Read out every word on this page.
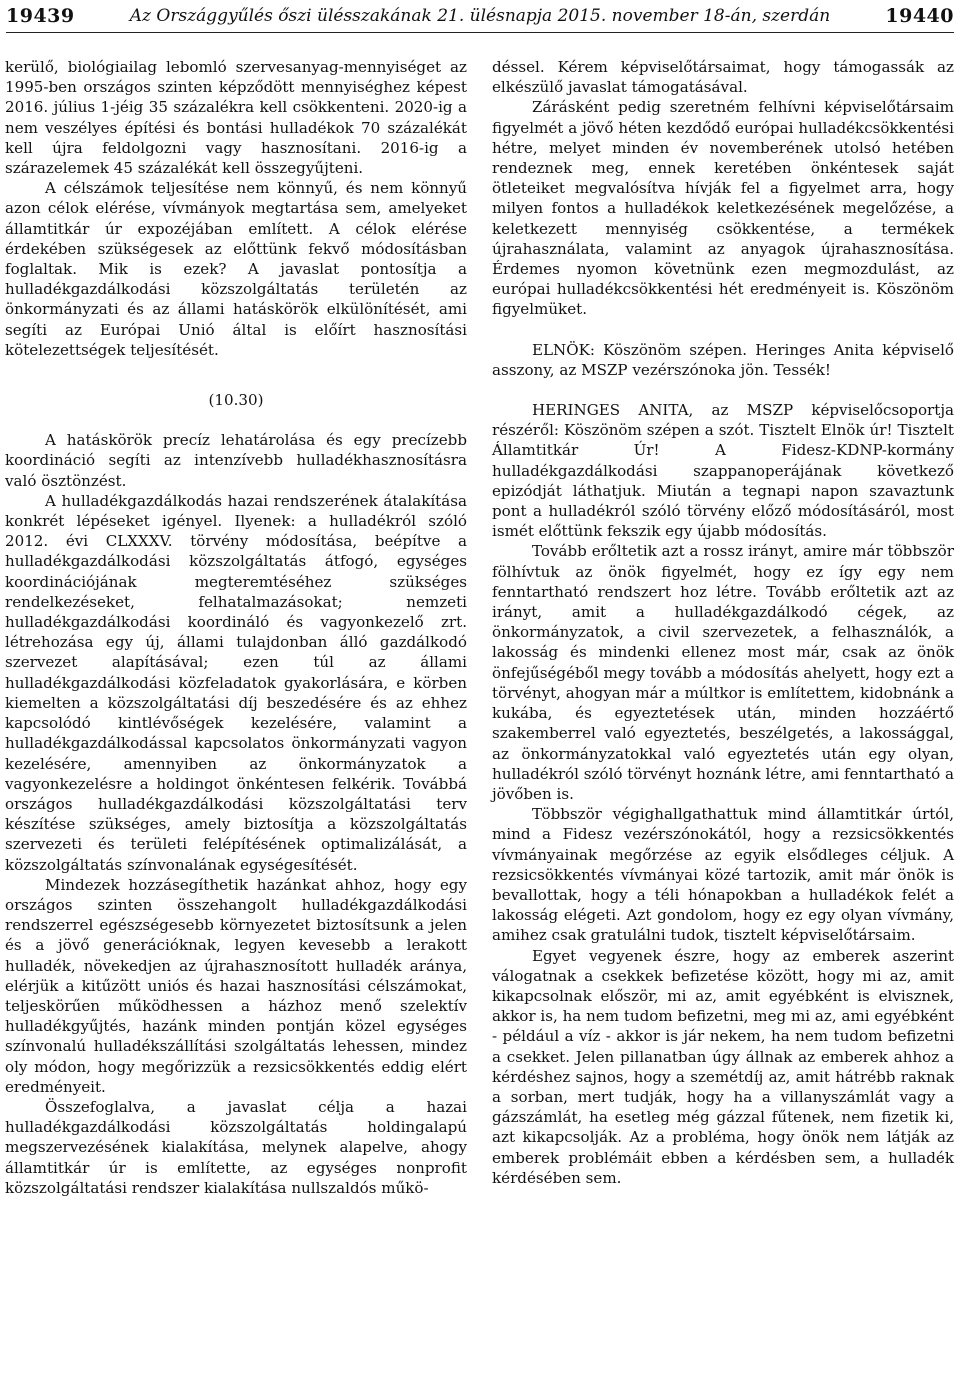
19439	Az Országgyűlés őszi ülésszakának 21. ülésnapja 2015. november 18-án, szerdán	19440

kerülő, biológiailag lebomló szervesanyag-mennyiséget az 1995-ben országos szinten képződött mennyiséghez képest 2016. július 1-jéig 35 százalékra kell csökkenteni. 2020-ig a nem veszélyes építési és bontási hulladékok 70 százalékát kell újra feldolgozni vagy hasznosítani. 2016-ig a szárazelemek 45 százalékát kell összegyűjteni.

A célszámok teljesítése nem könnyű, és nem könnyű azon célok elérése, vívmányok megtartása sem, amelyeket államtitkár úr expozéjában említett. A célok elérése érdekében szükségesek az előttünk fekvő módosításban foglaltak. Mik is ezek? A javaslat pontosítja a hulladékgazdálkodási közszolgáltatás területén az önkormányzati és az állami hatáskörök elkülönítését, ami segíti az Európai Unió által is előírt hasznosítási kötelezettségek teljesítését.

(10.30)

A hatáskörök precíz lehatárolása és egy precízebb koordináció segíti az intenzívebb hulladékhasznosításra való ösztönzést.

A hulladékgazdálkodás hazai rendszerének átalakítása konkrét lépéseket igényel. Ilyenek: a hulladékról szóló 2012. évi CLXXXV. törvény módosítása, beépítve a hulladékgazdálkodási közszolgáltatás átfogó, egységes koordinációjának megteremtéséhez szükséges rendelkezéseket, felhatalmazásokat; nemzeti hulladékgazdálkodási koordináló és vagyonkezelő zrt. létrehozása egy új, állami tulajdonban álló gazdálkodó szervezet alapításával; ezen túl az állami hulladékgazdálkodási közfeladatok gyakorlására, e körben kiemelten a közszolgáltatási díj beszedésére és az ehhez kapcsolódó kintlévőségek kezelésére, valamint a hulladékgazdálkodással kapcsolatos önkormányzati vagyon kezelésére, amennyiben az önkormányzatok a vagyonkezelésre a holdingot önkéntesen felkérik. Továbbá országos hulladékgazdálkodási közszolgáltatási terv készítése szükséges, amely biztosítja a közszolgáltatás szervezeti és területi felépítésének optimalizálását, a közszolgáltatás színvonalának egységesítését.

Mindezek hozzásegíthetik hazánkat ahhoz, hogy egy országos szinten összehangolt hulladékgazdálkodási rendszerrel egészségesebb környezetet biztosítsunk a jelen és a jövő generációknak, legyen kevesebb a lerakott hulladék, növekedjen az újrahasznosított hulladék aránya, elérjük a kitűzött uniós és hazai hasznosítási célszámokat, teljeskörűen működhessen a házhoz menő szelektív hulladékgyűjtés, hazánk minden pontján közel egységes színvonalú hulladékszállítási szolgáltatás lehessen, mindez oly módon, hogy megőrizzük a rezsicsökkentés eddig elért eredményeit.

Összefoglalva, a javaslat célja a hazai hulladékgazdálkodási közszolgáltatás holdingalapú megszervezésének kialakítása, melynek alapelve, ahogy államtitkár úr is említette, az egységes nonprofit közszolgáltatási rendszer kialakítása nullszaldós műkö-

déssel. Kérem képviselőtársaimat, hogy támogassák az elkészülő javaslat támogatásával.

Zárásként pedig szeretném felhívni képviselőtársaim figyelmét a jövő héten kezdődő európai hulladékcsökkentési hétre, melyet minden év novemberének utolsó hetében rendeznek meg, ennek keretében önkéntesek saját ötleteiket megvalósítva hívják fel a figyelmet arra, hogy milyen fontos a hulladékok keletkezésének megelőzése, a keletkezett mennyiség csökkentése, a termékek újrahasználata, valamint az anyagok újrahasznosítása. Érdemes nyomon követnünk ezen megmozdulást, az európai hulladékcsökkentési hét eredményeit is. Köszönöm figyelmüket.

ELNÖK: Köszönöm szépen. Heringes Anita képviselő asszony, az MSZP vezérszónoka jön. Tessék!

HERINGES ANITA, az MSZP képviselőcsoportja részéről: Köszönöm szépen a szót. Tisztelt Elnök úr! Tisztelt Államtitkár Úr! A Fidesz-KDNP-kormány hulladékgazdálkodási szappanoperájának következő epizódját láthatjuk. Miután a tegnapi napon szavaztunk pont a hulladékról szóló törvény előző módosításáról, most ismét előttünk fekszik egy újabb módosítás.

Tovább erőltetik azt a rossz irányt, amire már többször fölhívtuk az önök figyelmét, hogy ez így egy nem fenntartható rendszert hoz létre. Tovább erőltetik azt az irányt, amit a hulladékgazdálkodó cégek, az önkormányzatok, a civil szervezetek, a felhasználók, a lakosság és mindenki ellenez most már, csak az önök önfejűségéből megy tovább a módosítás ahelyett, hogy ezt a törvényt, ahogyan már a múltkor is említettem, kidobnánk a kukába, és egyeztetések után, minden hozzáértő szakemberrel való egyeztetés, beszélgetés, a lakossággal, az önkormányzatokkal való egyeztetés után egy olyan, hulladékról szóló törvényt hoznánk létre, ami fenntartható a jövőben is.

Többször végighallgathattuk mind államtitkár úrtól, mind a Fidesz vezérszónokától, hogy a rezsicsökkentés vívmányainak megőrzése az egyik elsődleges céljuk. A rezsicsökkentés vívmányai közé tartozik, amit már önök is bevallottak, hogy a téli hónapokban a hulladékok felét a lakosság elégeti. Azt gondolom, hogy ez egy olyan vívmány, amihez csak gratulálni tudok, tisztelt képviselőtársaim.

Egyet vegyenek észre, hogy az emberek aszerint válogatnak a csekkek befizetése között, hogy mi az, amit kikapcsolnak először, mi az, amit egyébként is elvisznek, akkor is, ha nem tudom befizetni, meg mi az, ami egyébként - például a víz - akkor is jár nekem, ha nem tudom befizetni a csekket. Jelen pillanatban úgy állnak az emberek ahhoz a kérdéshez sajnos, hogy a szemétdíj az, amit hátrébb raknak a sorban, mert tudják, hogy ha a villanyszámlát vagy a gázszámlát, ha esetleg még gázzal fűtenek, nem fizetik ki, azt kikapcsolják. Az a probléma, hogy önök nem látják az emberek problémáit ebben a kérdésben sem, a hulladék kérdésében sem.
